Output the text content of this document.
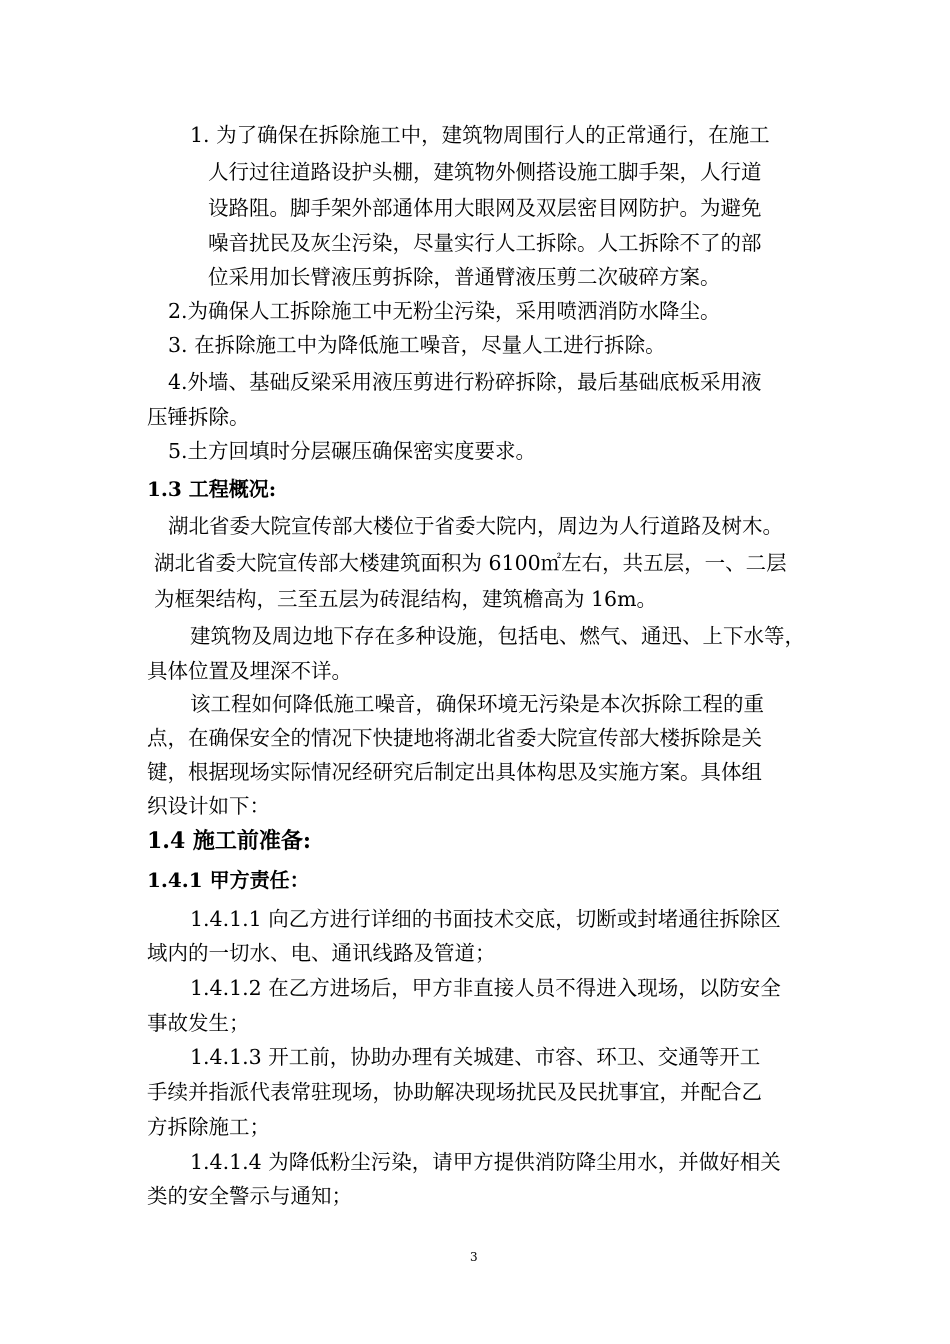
1. 为了确保在拆除施工中，建筑物周围行人的正常通行，在施工

人行过往道路设护头棚，建筑物外侧搭设施工脚手架，人行道

设路阻。脚手架外部通体用大眼网及双层密目网防护。为避免

噪音扰民及灰尘污染，尽量实行人工拆除。人工拆除不了的部

位采用加长臂液压剪拆除，普通臂液压剪二次破碎方案。

2.为确保人工拆除施工中无粉尘污染，采用喷洒消防水降尘。

3. 在拆除施工中为降低施工噪音，尽量人工进行拆除。

4.外墙、基础反梁采用液压剪进行粉碎拆除，最后基础底板采用液

压锤拆除。

5.土方回填时分层碾压确保密实度要求。

1.3 工程概况:

湖北省委大院宣传部大楼位于省委大院内，周边为人行道路及树木。

湖北省委大院宣传部大楼建筑面积为 6100㎡左右，共五层，一、二层

为框架结构，三至五层为砖混结构，建筑檐高为 16m。

建筑物及周边地下存在多种设施，包括电、燃气、通迅、上下水等，

具体位置及埋深不详。

该工程如何降低施工噪音，确保环境无污染是本次拆除工程的重

点，在确保安全的情况下快捷地将湖北省委大院宣传部大楼拆除是关

键，根据现场实际情况经研究后制定出具体构思及实施方案。具体组

织设计如下：

1.4 施工前准备:

1.4.1 甲方责任：

1.4.1.1 向乙方进行详细的书面技术交底，切断或封堵通往拆除区

域内的一切水、电、通讯线路及管道；

1.4.1.2 在乙方进场后，甲方非直接人员不得进入现场，以防安全

事故发生；

1.4.1.3 开工前，协助办理有关城建、市容、环卫、交通等开工

手续并指派代表常驻现场，协助解决现场扰民及民扰事宜，并配合乙

方拆除施工；

1.4.1.4 为降低粉尘污染，请甲方提供消防降尘用水，并做好相关

类的安全警示与通知；

3
